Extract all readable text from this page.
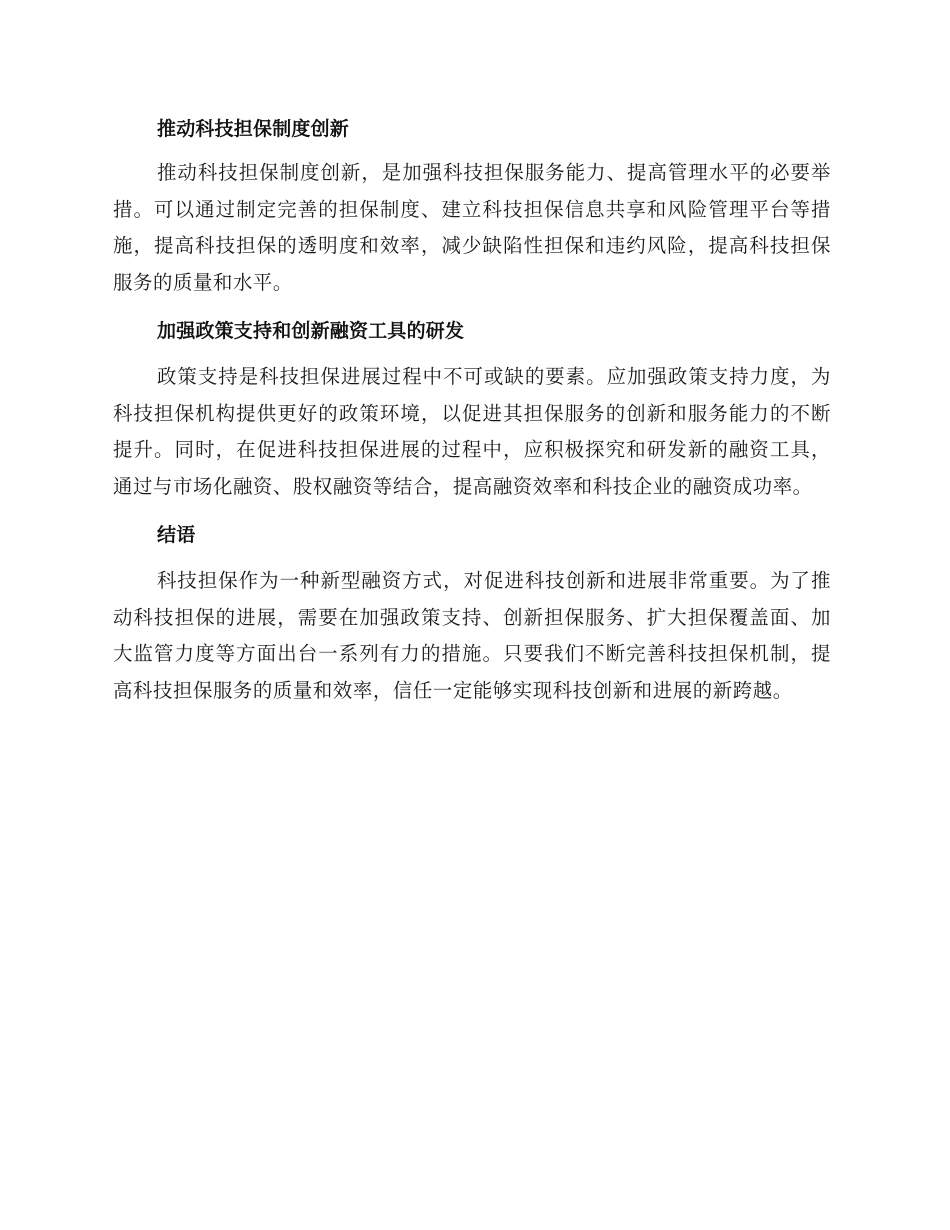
推动科技担保制度创新

推动科技担保制度创新，是加强科技担保服务能力、提高管理水平的必要举措。可以通过制定完善的担保制度、建立科技担保信息共享和风险管理平台等措施，提高科技担保的透明度和效率，减少缺陷性担保和违约风险，提高科技担保服务的质量和水平。

加强政策支持和创新融资工具的研发

政策支持是科技担保进展过程中不可或缺的要素。应加强政策支持力度，为科技担保机构提供更好的政策环境，以促进其担保服务的创新和服务能力的不断提升。同时，在促进科技担保进展的过程中，应积极探究和研发新的融资工具，通过与市场化融资、股权融资等结合，提高融资效率和科技企业的融资成功率。

结语

科技担保作为一种新型融资方式，对促进科技创新和进展非常重要。为了推动科技担保的进展，需要在加强政策支持、创新担保服务、扩大担保覆盖面、加大监管力度等方面出台一系列有力的措施。只要我们不断完善科技担保机制，提高科技担保服务的质量和效率，信任一定能够实现科技创新和进展的新跨越。
